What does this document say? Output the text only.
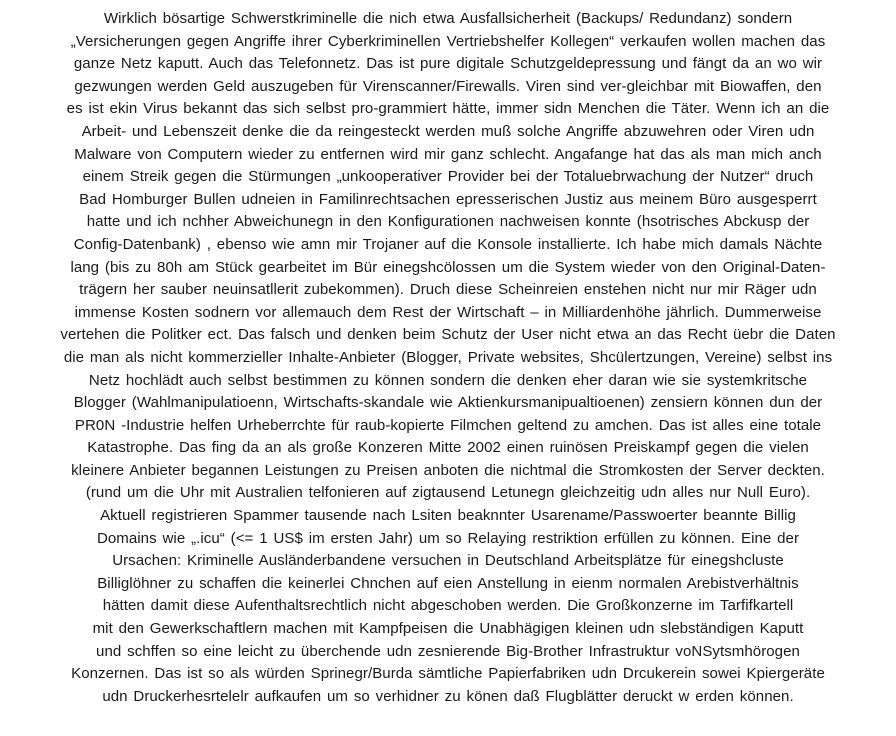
Wirklich bösartige Schwerstkriminelle die nich etwa Ausfallsicherheit (Backups/ Redundanz) sondern
„Versicherungen gegen Angriffe ihrer Cyberkriminellen Vertriebshelfer Kollegen“ verkaufen wollen machen das
ganze Netz kaputt. Auch das Telefonnetz. Das ist pure digitale Schutzgeldepressung und fängt da an wo wir
gezwungen werden Geld auszugeben für Virenscanner/Firewalls. Viren sind ver-gleichbar mit Biowaffen, den
es ist ekin Virus bekannt das sich selbst pro-grammiert hätte, immer sidn Menchen die Täter. Wenn ich an die
Arbeit- und Lebenszeit denke die da reingesteckt werden muß solche Angriffe abzuwehren oder Viren udn
Malware von Computern wieder zu entfernen wird mir ganz schlecht. Angafange hat das als man mich anch
einem Streik gegen die Stürmungen „unkooperativer Provider bei der Totaluebrwachung der Nutzer“ druch
Bad Homburger Bullen udneien in Familinrechtsachen epresserischen Justiz aus meinem Büro ausgesperrt
hatte und ich nchher Abweichunegn in den Konfigurationen nachweisen konnte (hsotrisches Abckusp der
Config-Datenbank) , ebenso wie amn mir Trojaner auf die Konsole installierte. Ich habe mich damals Nächte
lang (bis zu 80h am Stück gearbeitet im Bür einegshcölossen um die System wieder von den Original-Daten-
trägern her sauber neuinsatllerit zubekommen). Druch diese Scheinreien enstehen nicht nur mir Räger udn
immense Kosten sodnern vor allemauch dem Rest der Wirtschaft – in Milliardenhöhe jährlich. Dummerweise
vertehen die Politker ect. Das falsch und denken beim Schutz der User nicht etwa an das Recht üebr die Daten
die man als nicht kommerzieller Inhalte-Anbieter (Blogger, Private websites, Shcülertzungen, Vereine) selbst ins
Netz hochlädt auch selbst bestimmen zu können sondern die denken eher daran wie sie systemkritsche
Blogger (Wahlmanipulatioenn, Wirtschafts-skandale wie Aktienkursmanipualtioenen) zensiern können dun der
PR0N -Industrie helfen Urheberrchte für raub-kopierte Filmchen geltend zu amchen. Das ist alles eine totale
Katastrophe. Das fing da an als große Konzeren Mitte 2002 einen ruinösen Preiskampf gegen die vielen
kleinere Anbieter begannen Leistungen zu Preisen anboten die nichtmal die Stromkosten der Server deckten.
(rund um die Uhr mit Australien telfonieren auf zigtausend Letunegn gleichzeitig udn alles nur Null Euro).
Aktuell registrieren Spammer tausende nach Lsiten beaknnter Usarename/Passwoerter beannte Billig
Domains wie „.icu“ (<= 1 US$ im ersten Jahr) um so Relaying restriktion erfüllen zu können. Eine der
Ursachen: Kriminelle Ausländerbandene versuchen in Deutschland Arbeitsplätze für einegshcluste
Billiglöhner zu schaffen die keinerlei Chnchen auf eien Anstellung in eienm normalen Arebistverhältnis
hätten damit diese Aufenthaltsrechtlich nicht abgeschoben werden. Die Großkonzerne im Tarfifkartell
mit den Gewerkschaftlern machen mit Kampfpeisen die Unabhägigen kleinen udn slebständigen Kaputt
und schffen so eine leicht zu überchende udn zesnierende Big-Brother Infrastruktur voNSytsmhörogen
Konzernen. Das ist so als würden Sprinegr/Burda sämtliche Papierfabriken udn Drcukerein sowei Kpiergeräte
udn Druckerhesrtelelr aufkaufen um so verhidner zu könen daß Flugblätter deruckt w erden können.
